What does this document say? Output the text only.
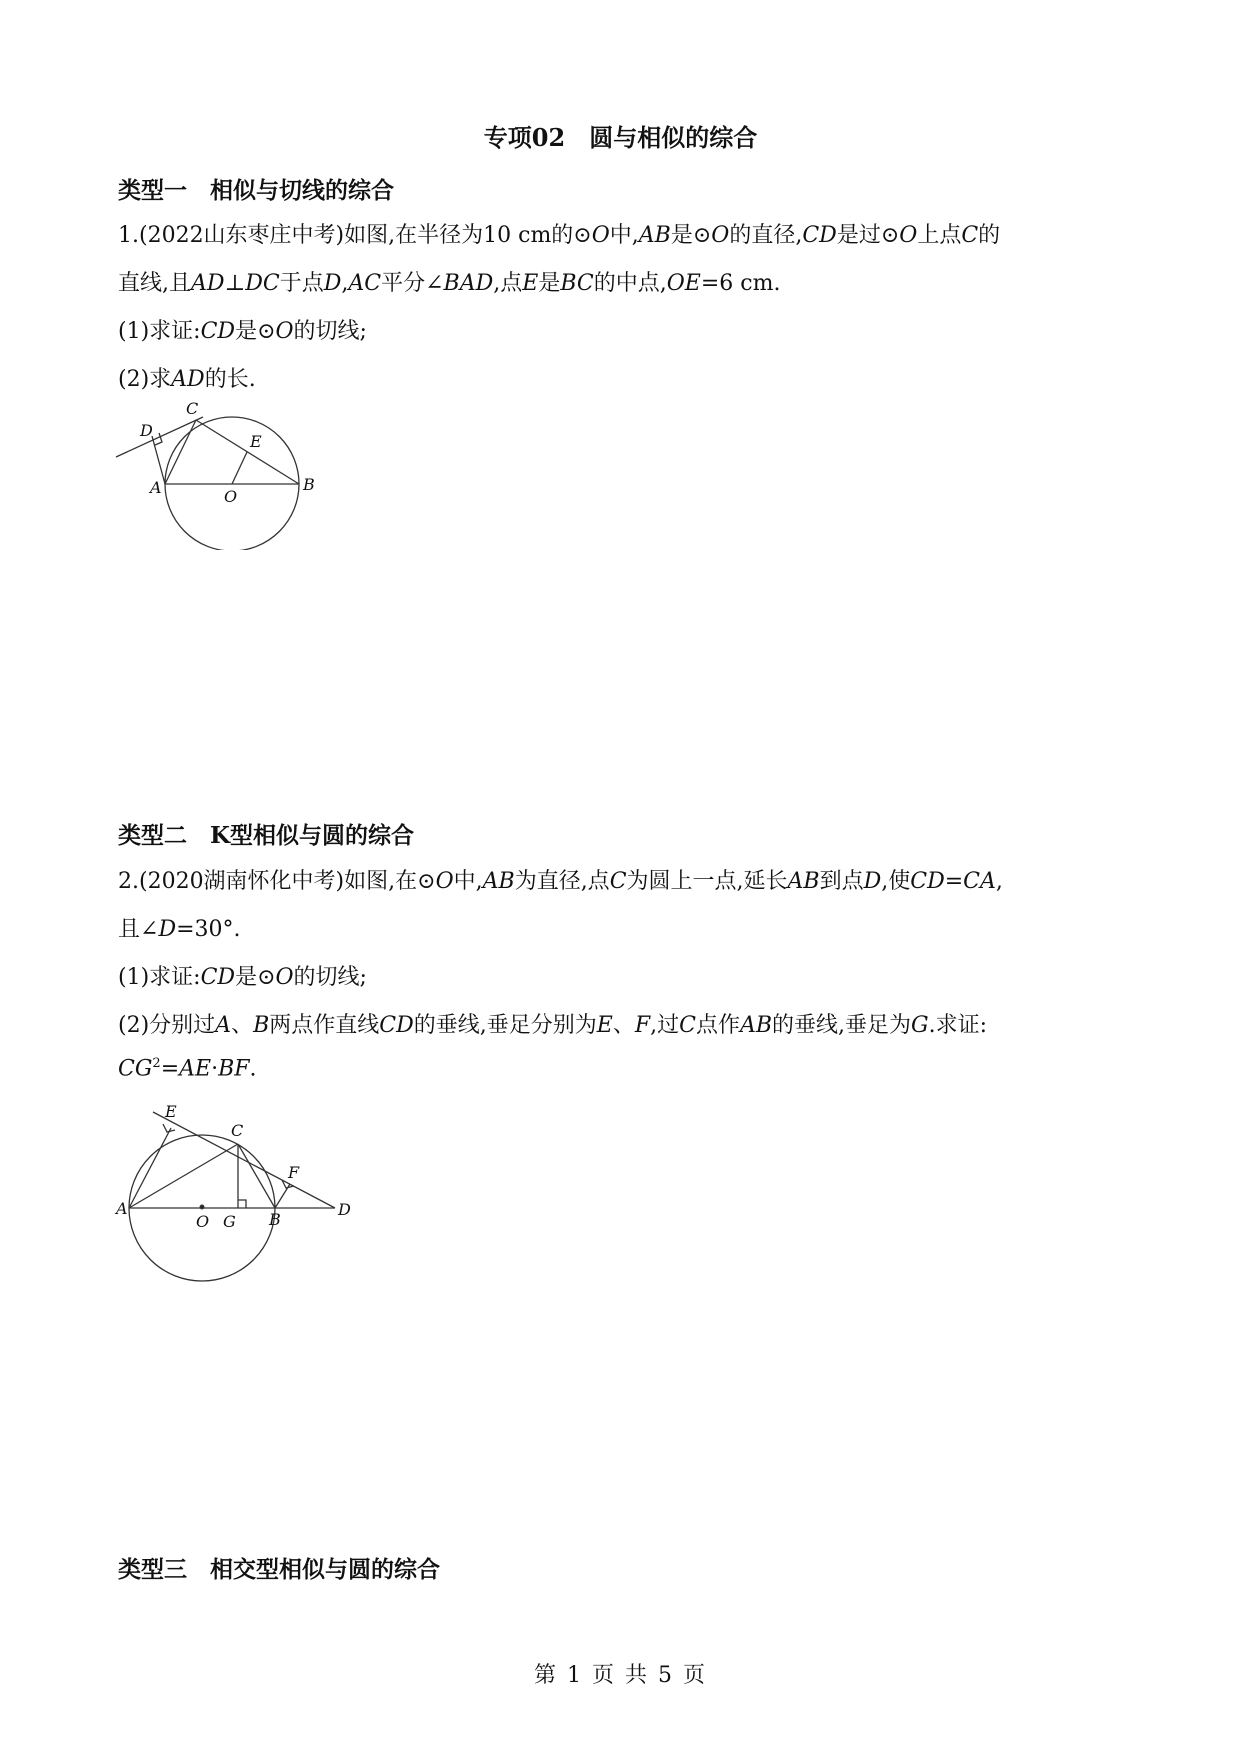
专项02　圆与相似的综合
类型一　相似与切线的综合
1.(2022山东枣庄中考)如图,在半径为10 cm的⊙O中,AB是⊙O的直径,CD是过⊙O上点C的
直线,且AD⊥DC于点D,AC平分∠BAD,点E是BC的中点,OE=6 cm.
(1)求证:CD是⊙O的切线;
(2)求AD的长.
D
C
E
A	O
B
类型二　K型相似与圆的综合
2.(2020湖南怀化中考)如图,在⊙O中,AB为直径,点C为圆上一点,延长AB到点D,使CD=CA,
且∠D=30°.
(1)求证:CD是⊙O的切线;
(2)分别过A、B两点作直线CD的垂线,垂足分别为E、F,过C点作AB的垂线,垂足为G.求证:
$CG^2=AE\cdot BF$.
E
C
F
A
O G B
D
类型三　相交型相似与圆的综合
第 1 页 共 5 页
